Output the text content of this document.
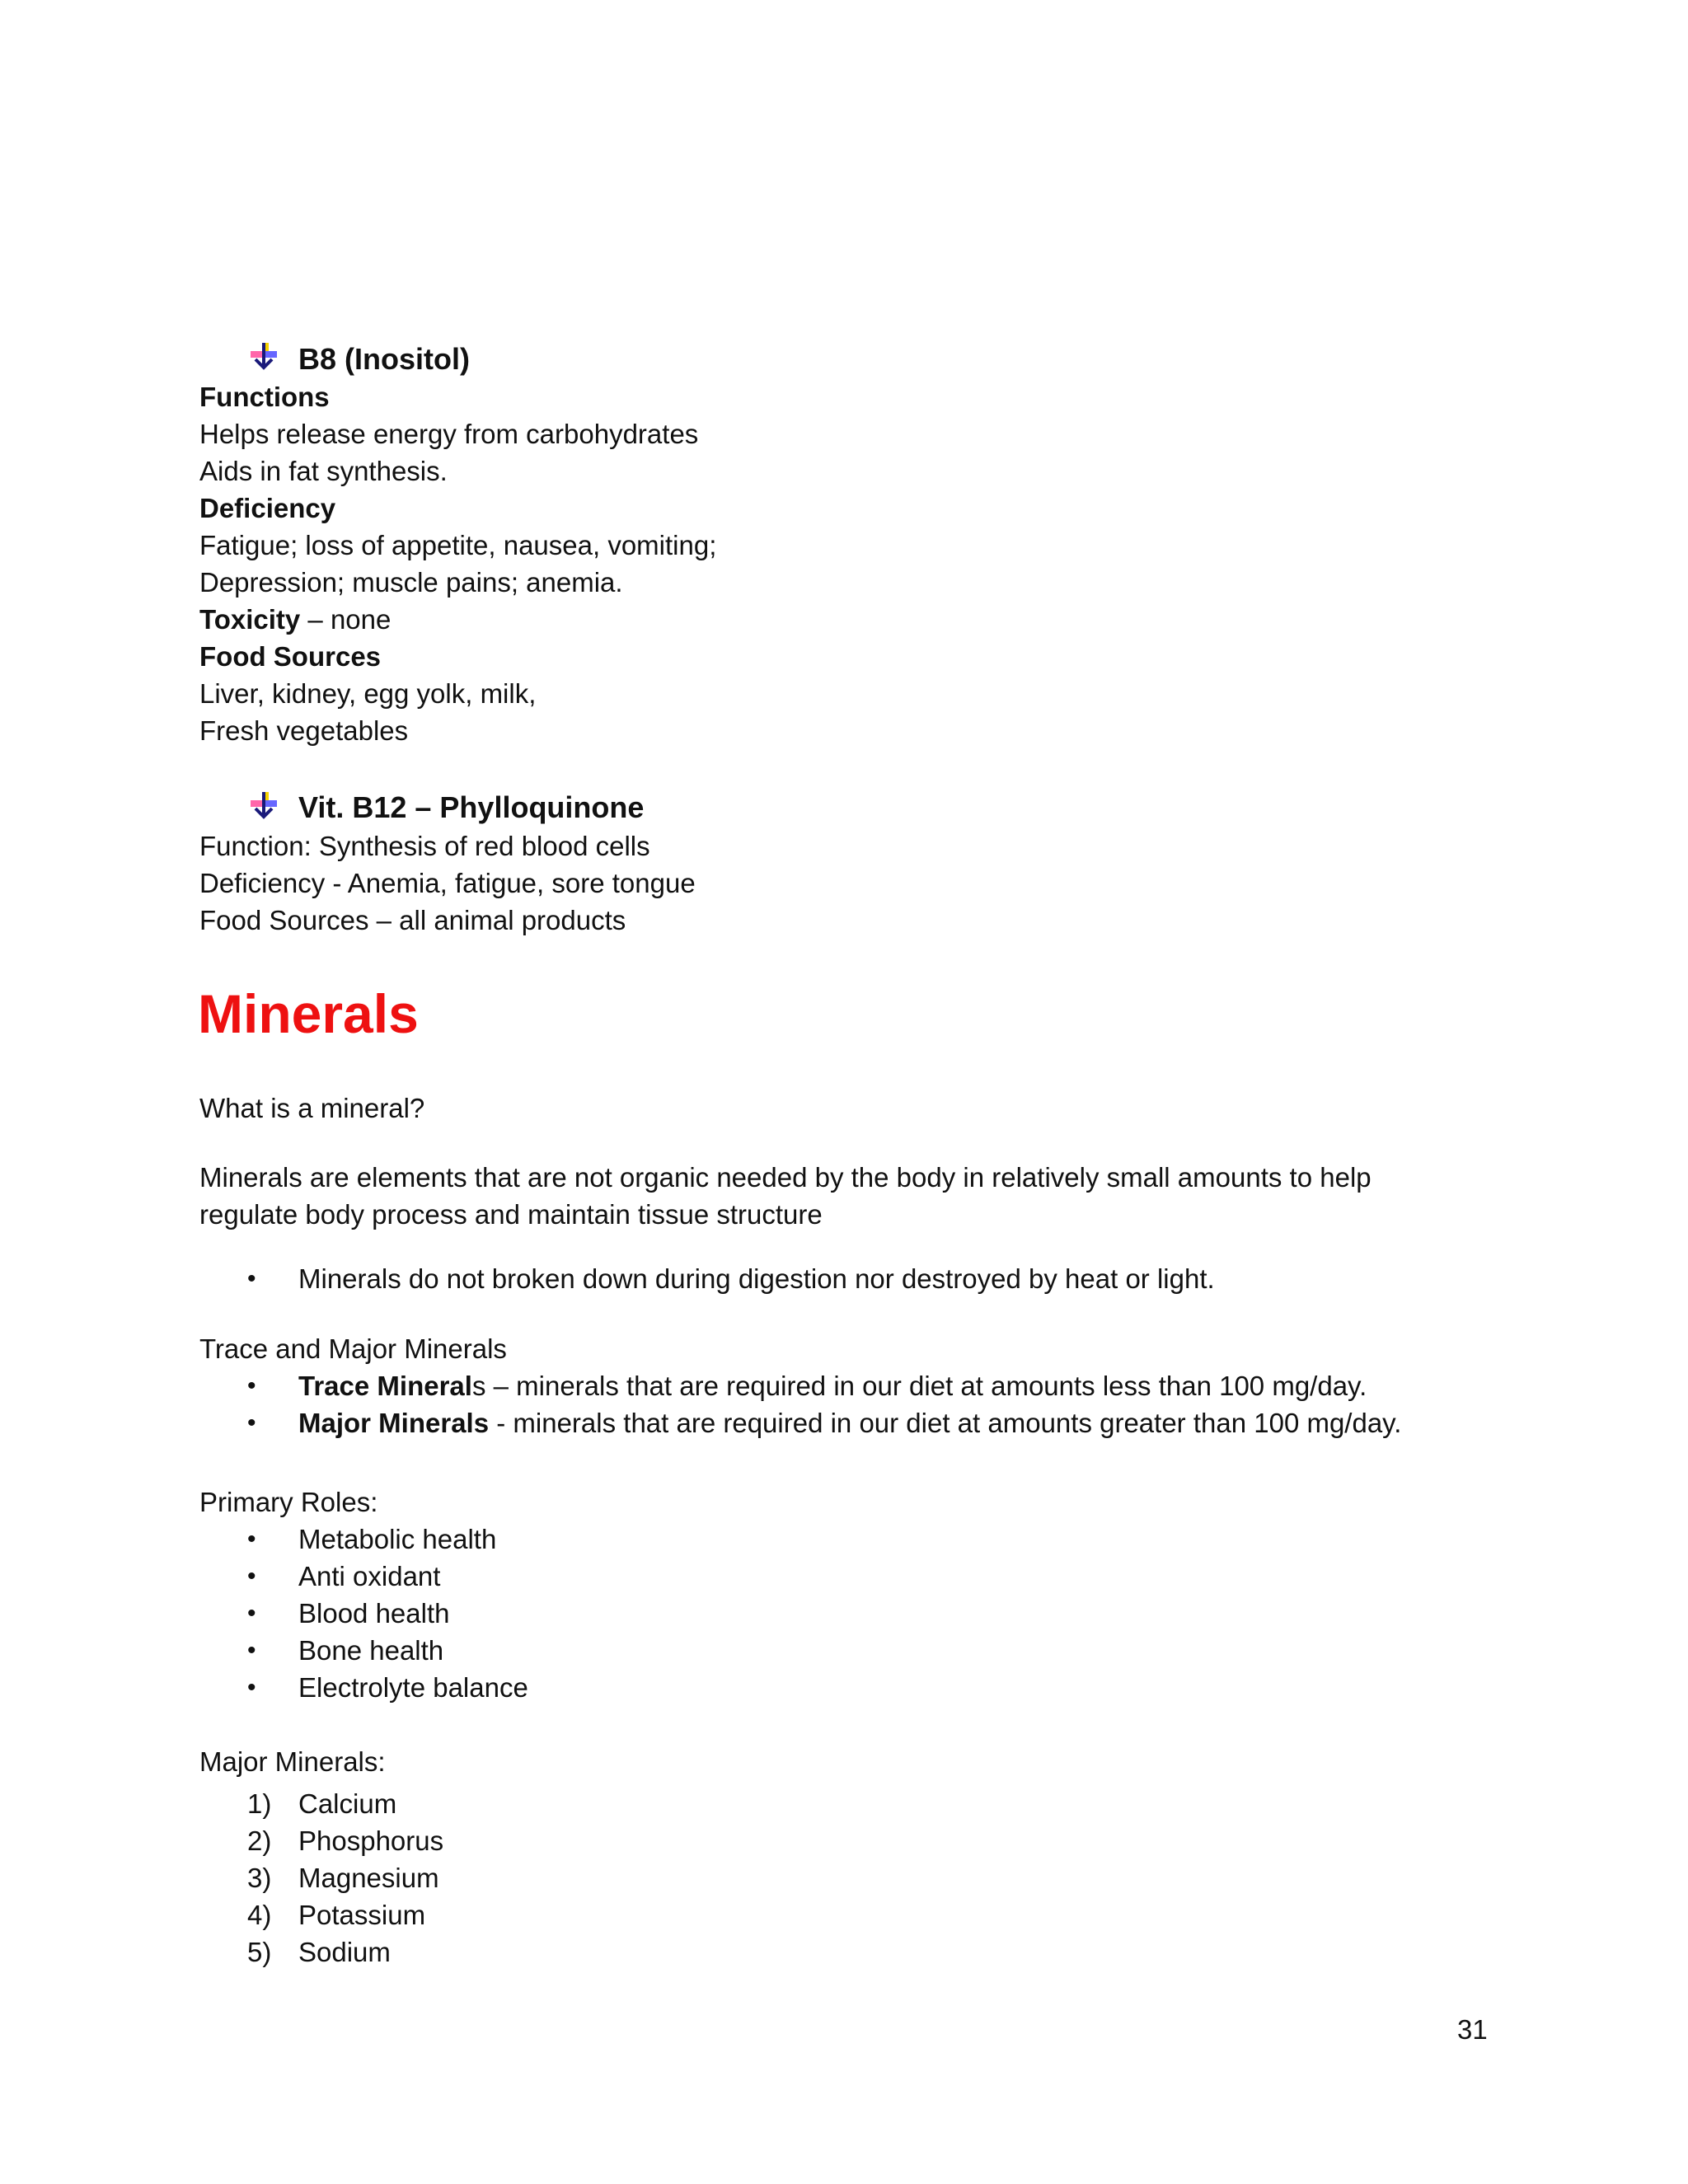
B8 (Inositol)
Functions
Helps release energy from carbohydrates
Aids in fat synthesis.
Deficiency
Fatigue; loss of appetite, nausea, vomiting;
Depression; muscle pains; anemia.
Toxicity – none
Food Sources
Liver, kidney, egg yolk, milk,
Fresh vegetables
Vit. B12 – Phylloquinone
Function: Synthesis of red blood cells
Deficiency - Anemia, fatigue, sore tongue
Food Sources – all animal products
Minerals
What is a mineral?
Minerals are elements that are not organic needed by the body in relatively small amounts to help
regulate body process and maintain tissue structure
• Minerals do not broken down during digestion nor destroyed by heat or light.
Trace and Major Minerals
• Trace Minerals – minerals that are required in our diet at amounts less than 100 mg/day.
• Major Minerals - minerals that are required in our diet at amounts greater than 100 mg/day.
Primary Roles:
• Metabolic health
• Anti oxidant
• Blood health
• Bone health
• Electrolyte balance
Major Minerals:
1) Calcium
2) Phosphorus
3) Magnesium
4) Potassium
5) Sodium
31
